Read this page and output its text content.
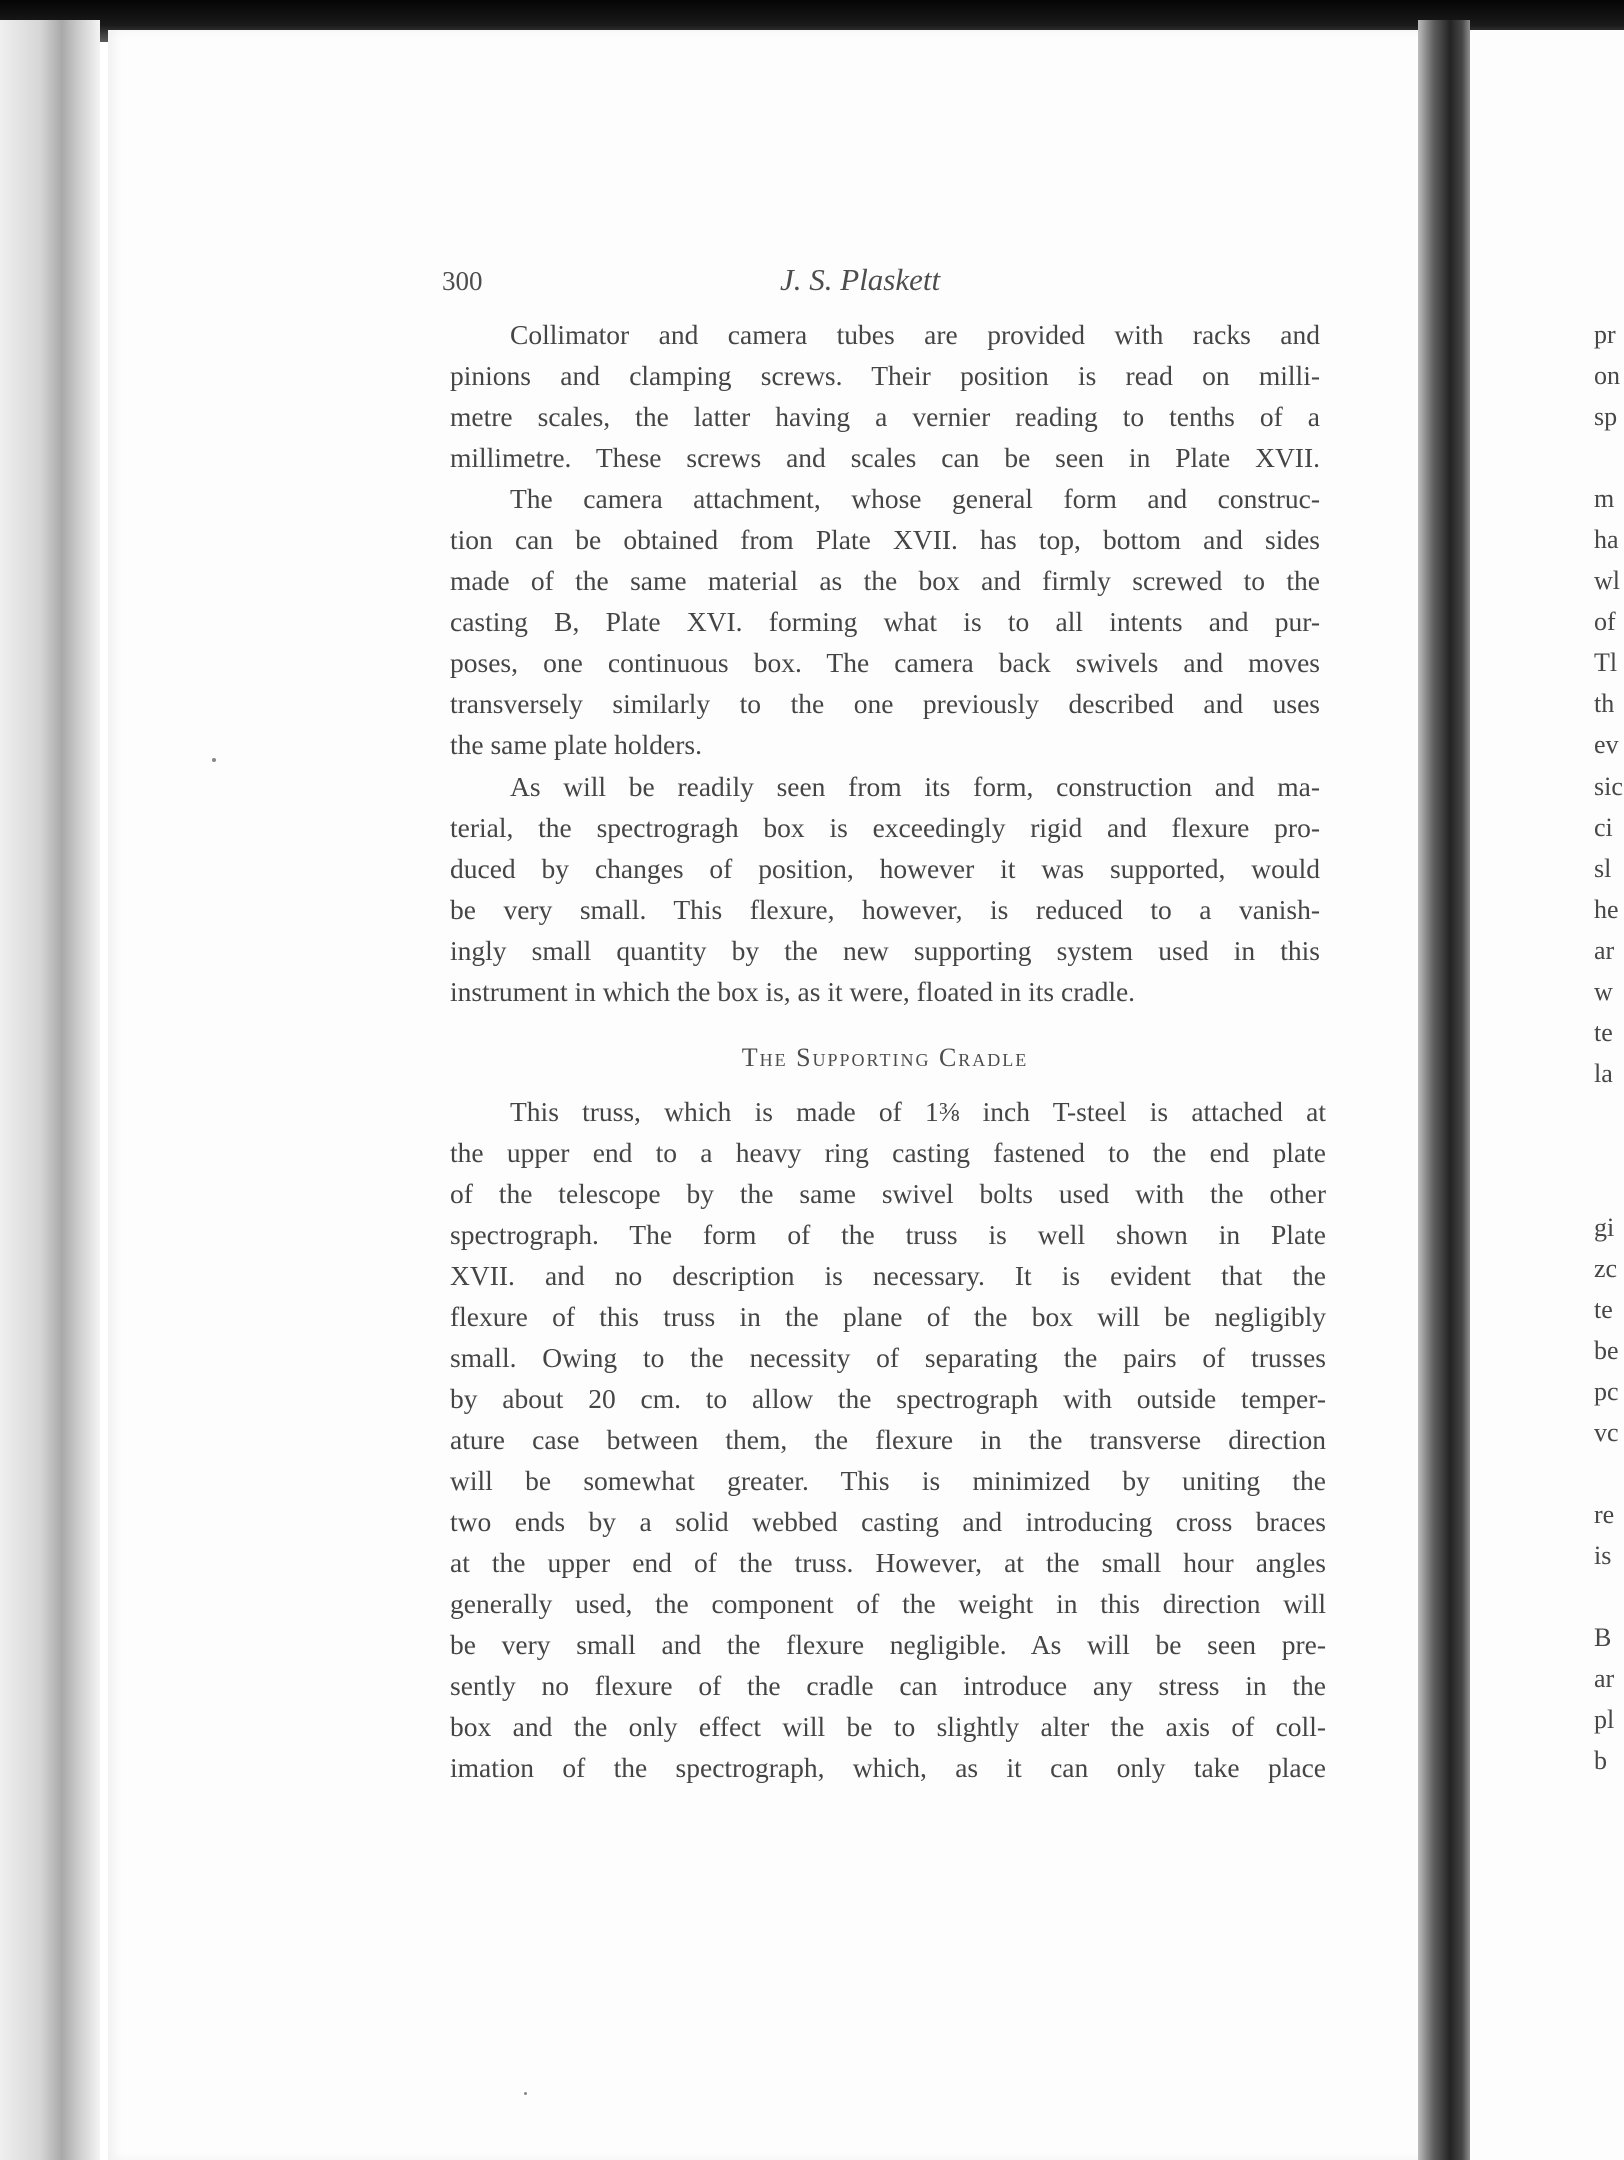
300	J. S. Plaskett
Collimator and camera tubes are provided with racks and
pinions and clamping screws. Their position is read on milli-
metre scales, the latter having a vernier reading to tenths of a
millimetre. These screws and scales can be seen in Plate XVII.
The camera attachment, whose general form and construc-
tion can be obtained from Plate XVII. has top, bottom and sides
made of the same material as the box and firmly screwed to the
casting B, Plate XVI. forming what is to all intents and pur-
poses, one continuous box. The camera back swivels and moves
transversely similarly to the one previously described and uses
the same plate holders.
As will be readily seen from its form, construction and ma-
terial, the spectrogragh box is exceedingly rigid and flexure pro-
duced by changes of position, however it was supported, would
be very small. This flexure, however, is reduced to a vanish-
ingly small quantity by the new supporting system used in this
instrument in which the box is, as it were, floated in its cradle.
The Supporting Cradle
This truss, which is made of 1⅜ inch T-steel is attached at
the upper end to a heavy ring casting fastened to the end plate
of the telescope by the same swivel bolts used with the other
spectrograph. The form of the truss is well shown in Plate
XVII. and no description is necessary. It is evident that the
flexure of this truss in the plane of the box will be negligibly
small. Owing to the necessity of separating the pairs of trusses
by about 20 cm. to allow the spectrograph with outside temper-
ature case between them, the flexure in the transverse direction
will be somewhat greater. This is minimized by uniting the
two ends by a solid webbed casting and introducing cross braces
at the upper end of the truss. However, at the small hour angles
generally used, the component of the weight in this direction will
be very small and the flexure negligible. As will be seen pre-
sently no flexure of the cradle can introduce any stress in the
box and the only effect will be to slightly alter the axis of coll-
imation of the spectrograph, which, as it can only take place
pr
on
sp
m
ha
wl
of
Tl
th
ev
sic
ci
sl
he
ar
w
te
la
gi
zc
te
be
pc
vc
re
is
B
ar
pl
b
